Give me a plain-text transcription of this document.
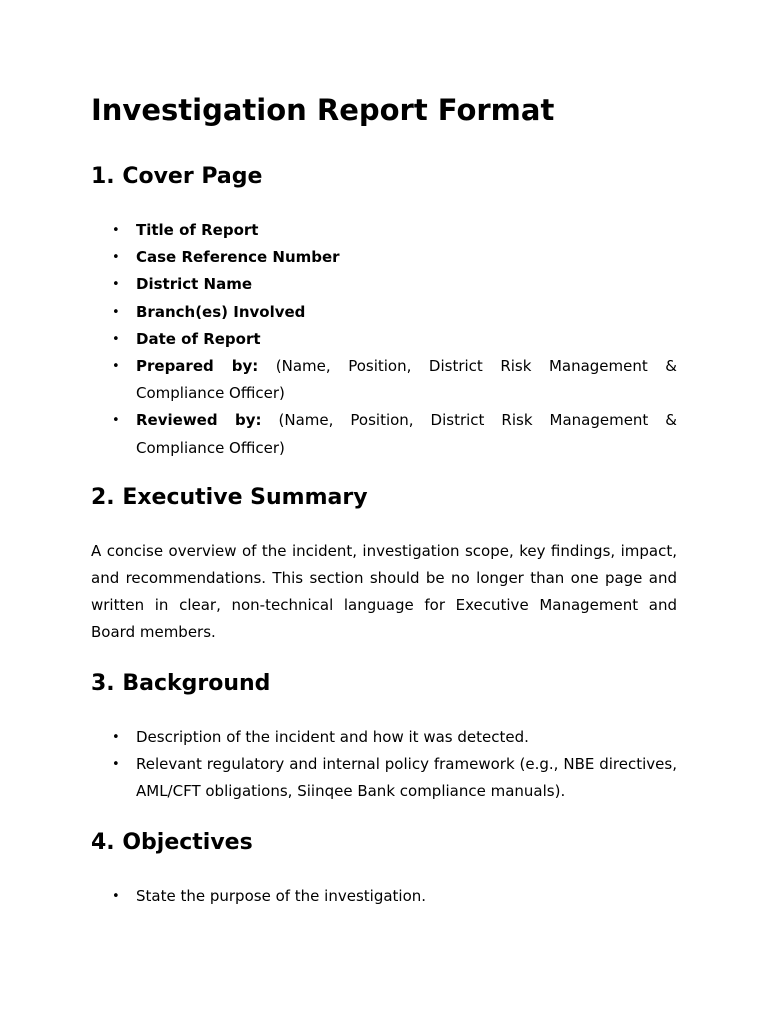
Investigation Report Format
1. Cover Page
• Title of Report
• Case Reference Number
• District Name
• Branch(es) Involved
• Date of Report
• Prepared by: (Name, Position, District Risk Management & Compliance Officer)
• Reviewed by: (Name, Position, District Risk Management & Compliance Officer)
2. Executive Summary

A concise overview of the incident, investigation scope, key findings, impact, and recommendations. This section should be no longer than one page and written in clear, non-technical language for Executive Management and Board members.

3. Background
• Description of the incident and how it was detected.
• Relevant regulatory and internal policy framework (e.g., NBE directives, AML/CFT obligations, Siinqee Bank compliance manuals).
4. Objectives
• State the purpose of the investigation.
